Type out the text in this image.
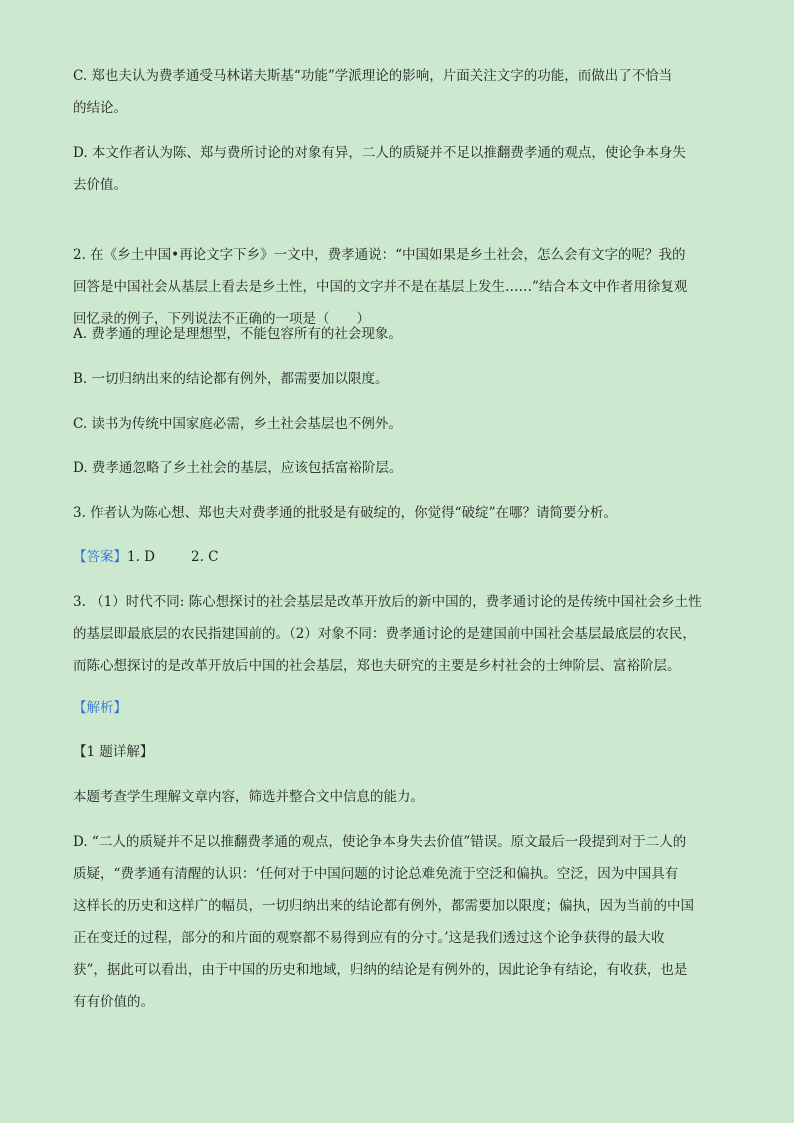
C. 郑也夫认为费孝通受马林诺夫斯基“功能”学派理论的影响，片面关注文字的功能，而做出了不恰当
的结论。
D. 本文作者认为陈、郑与费所讨论的对象有异，二人的质疑并不足以推翻费孝通的观点，使论争本身失
去价值。
2. 在《乡土中国•再论文字下乡》一文中，费孝通说：“中国如果是乡土社会，怎么会有文字的呢？我的
回答是中国社会从基层上看去是乡土性，中国的文字并不是在基层上发生……”结合本文中作者用徐复观
回忆录的例子，下列说法不正确的一项是（　　）
A. 费孝通的理论是理想型，不能包容所有的社会现象。
B. 一切归纳出来的结论都有例外，都需要加以限度。
C. 读书为传统中国家庭必需，乡土社会基层也不例外。
D. 费孝通忽略了乡土社会的基层，应该包括富裕阶层。
3. 作者认为陈心想、郑也夫对费孝通的批驳是有破绽的，你觉得“破绽”在哪？请简要分析。
【答案】1. D	2. C
3. （1）时代不同: 陈心想探讨的社会基层是改革开放后的新中国的，费孝通讨论的是传统中国社会乡土性
的基层即最底层的农民指建国前的。（2）对象不同：费孝通讨论的是建国前中国社会基层最底层的农民，
而陈心想探讨的是改革开放后中国的社会基层，郑也夫研究的主要是乡村社会的士绅阶层、富裕阶层。
【解析】
【1 题详解】
本题考查学生理解文章内容，筛选并整合文中信息的能力。
D. “二人的质疑并不足以推翻费孝通的观点，使论争本身失去价值”错误。原文最后一段提到对于二人的
质疑，“费孝通有清醒的认识：‘任何对于中国问题的讨论总难免流于空泛和偏执。空泛，因为中国具有
这样长的历史和这样广的幅员，一切归纳出来的结论都有例外，都需要加以限度；偏执，因为当前的中国
正在变迁的过程，部分的和片面的观察都不易得到应有的分寸。’这是我们透过这个论争获得的最大收
获”，据此可以看出，由于中国的历史和地域，归纳的结论是有例外的，因此论争有结论，有收获，也是
有有价值的。
